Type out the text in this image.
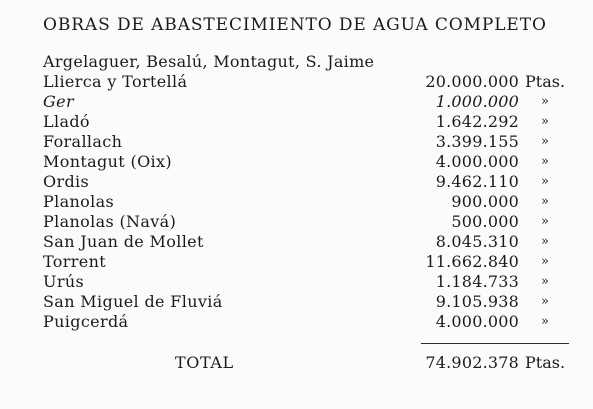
OBRAS DE ABASTECIMIENTO DE AGUA COMPLETO
Argelaguer, Besalú, Montagut, S. Jaime
Llierca y Tortellá	20.000.000 Ptas.
Ger	1.000.000 »
Lladó	1.642.292 »
Forallach	3.399.155 »
Montagut (Oix)	4.000.000 »
Ordis	9.462.110 »
Planolas	900.000 »
Planolas (Navá)	500.000 »
San Juan de Mollet	8.045.310 »
Torrent	11.662.840 »
Urús	1.184.733 »
San Miguel de Fluviá	9.105.938 »
Puigcerdá	4.000.000 »
TOTAL	74.902.378 Ptas.
